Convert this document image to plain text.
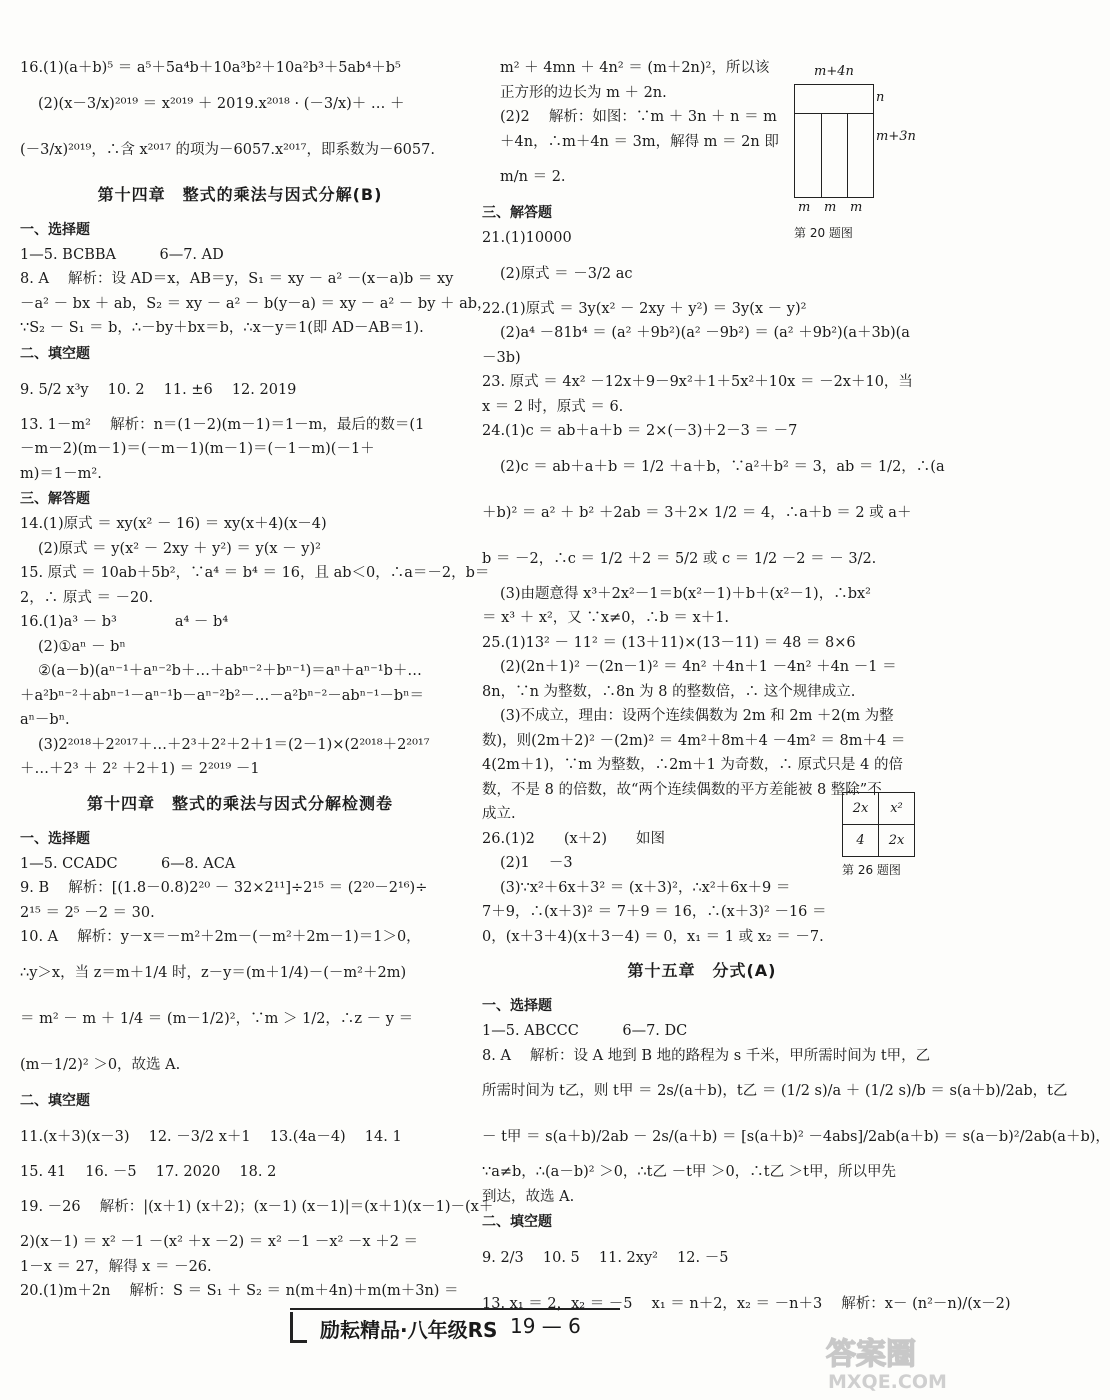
16.(1)(a＋b)⁵ ＝ a⁵＋5a⁴b＋10a³b²＋10a²b³＋5ab⁴＋b⁵
(2)(x－3/x)²⁰¹⁹ ＝ x²⁰¹⁹ ＋ 2019.x²⁰¹⁸ · (－3/x)＋ … ＋
(－3/x)²⁰¹⁹，∴含 x²⁰¹⁷ 的项为－6057.x²⁰¹⁷，即系数为－6057.
第十四章　整式的乘法与因式分解(B)
一、选择题
1—5. BCBBA　　　6—7. AD
8. A　 解析：设 AD＝x，AB＝y，S₁ ＝ xy － a² －(x－a)b ＝ xy
－a² － bx ＋ ab，S₂ ＝ xy － a² － b(y－a) ＝ xy － a² － by ＋ ab，
∵S₂ － S₁ ＝ b，∴－by＋bx＝b，∴x－y＝1(即 AD－AB＝1).
二、填空题
9. 5/2 x³y　 10. 2　 11. ±6　 12. 2019
13. 1－m²　 解析：n＝(1－2)(m－1)＝1－m，最后的数＝(1
－m－2)(m－1)＝(－m－1)(m－1)＝(－1－m)(－1＋
m)＝1－m².
三、解答题
14.(1)原式 ＝ xy(x² － 16) ＝ xy(x＋4)(x－4)
(2)原式 ＝ y(x² － 2xy ＋ y²) ＝ y(x － y)²
15. 原式 ＝ 10ab＋5b²，∵a⁴ ＝ b⁴ ＝ 16，且 ab＜0，∴a＝－2，b＝
2，∴ 原式 ＝ －20.
16.(1)a³ － b³　　　　a⁴ － b⁴
(2)①aⁿ － bⁿ
②(a－b)(aⁿ⁻¹＋aⁿ⁻²b＋…＋abⁿ⁻²＋bⁿ⁻¹)＝aⁿ＋aⁿ⁻¹b＋…
＋a²bⁿ⁻²＋abⁿ⁻¹－aⁿ⁻¹b－aⁿ⁻²b²－…－a²bⁿ⁻²－abⁿ⁻¹－bⁿ＝
aⁿ－bⁿ.
(3)2²⁰¹⁸＋2²⁰¹⁷＋…＋2³＋2²＋2＋1＝(2－1)×(2²⁰¹⁸＋2²⁰¹⁷
＋…＋2³ ＋ 2² ＋2＋1) ＝ 2²⁰¹⁹ －1
第十四章　整式的乘法与因式分解检测卷
一、选择题
1—5. CCADC　　　6—8. ACA
9. B　 解析：[(1.8－0.8)2²⁰ － 32×2¹¹]÷2¹⁵ ＝ (2²⁰－2¹⁶)÷
2¹⁵ ＝ 2⁵ －2 ＝ 30.
10. A　 解析：y－x＝－m²＋2m－(－m²＋2m－1)＝1＞0，
∴y＞x，当 z＝m＋1/4 时，z－y＝(m＋1/4)－(－m²＋2m)
＝ m² － m ＋ 1/4 ＝ (m－1/2)²，∵m ＞ 1/2，∴z － y ＝
(m－1/2)² ＞0，故选 A.
二、填空题
11.(x＋3)(x－3)　 12. －3/2 x＋1　 13.(4a－4)　 14. 1
15. 41　 16. －5　 17. 2020　 18. 2
19. －26　 解析：|(x＋1) (x＋2)；(x－1) (x－1)|＝(x＋1)(x－1)－(x＋
2)(x－1) ＝ x² －1 －(x² ＋x －2) ＝ x² －1 －x² －x ＋2 ＝
1－x ＝ 27，解得 x ＝ －26.
20.(1)m＋2n　 解析：S ＝ S₁ ＋ S₂ ＝ n(m＋4n)＋m(m＋3n) ＝
m² ＋ 4mn ＋ 4n² ＝ (m＋2n)²，所以该
正方形的边长为 m ＋ 2n.
(2)2　 解析：如图：∵m ＋ 3n ＋ n ＝ m
＋4n，∴m＋4n ＝ 3m，解得 m ＝ 2n 即
m/n ＝ 2.
三、解答题
21.(1)10000
(2)原式 ＝ －3/2 ac
22.(1)原式 ＝ 3y(x² － 2xy ＋ y²) ＝ 3y(x － y)²
(2)a⁴ －81b⁴ ＝ (a² ＋9b²)(a² －9b²) ＝ (a² ＋9b²)(a＋3b)(a
－3b)
23. 原式 ＝ 4x² －12x＋9－9x²＋1＋5x²＋10x ＝ －2x＋10，当
x ＝ 2 时，原式 ＝ 6.
24.(1)c ＝ ab＋a＋b ＝ 2×(－3)＋2－3 ＝ －7
(2)c ＝ ab＋a＋b ＝ 1/2 ＋a＋b，∵a²＋b² ＝ 3，ab ＝ 1/2，∴(a
＋b)² ＝ a² ＋ b² ＋2ab ＝ 3＋2× 1/2 ＝ 4，∴a＋b ＝ 2 或 a＋
b ＝ －2，∴c ＝ 1/2 ＋2 ＝ 5/2 或 c ＝ 1/2 －2 ＝ － 3/2.
(3)由题意得 x³＋2x²－1＝b(x²－1)＋b＋(x²－1)，∴bx²
＝ x³ ＋ x²，又 ∵x≠0，∴b ＝ x＋1.
25.(1)13² － 11² ＝ (13＋11)×(13－11) ＝ 48 ＝ 8×6
(2)(2n＋1)² －(2n－1)² ＝ 4n² ＋4n＋1 －4n² ＋4n －1 ＝
8n，∵n 为整数，∴8n 为 8 的整数倍，∴ 这个规律成立.
(3)不成立，理由：设两个连续偶数为 2m 和 2m ＋2(m 为整
数)，则(2m＋2)² －(2m)² ＝ 4m²＋8m＋4 －4m² ＝ 8m＋4 ＝
4(2m＋1)，∵m 为整数，∴2m＋1 为奇数，∴ 原式只是 4 的倍
数，不是 8 的倍数，故“两个连续偶数的平方差能被 8 整除”不
成立.
26.(1)2　　(x＋2)　　如图
(2)1　 －3
(3)∵x²＋6x＋3² ＝ (x＋3)²，∴x²＋6x＋9 ＝
7＋9，∴(x＋3)² ＝ 7＋9 ＝ 16，∴(x＋3)² －16 ＝
0，(x＋3＋4)(x＋3－4) ＝ 0，x₁ ＝ 1 或 x₂ ＝ －7.
第十五章　分式(A)
一、选择题
1—5. ABCCC　　　6—7. DC
8. A　 解析：设 A 地到 B 地的路程为 s 千米，甲所需时间为 t甲，乙
所需时间为 t乙，则 t甲 ＝ 2s/(a＋b)，t乙 ＝ (1/2 s)/a ＋ (1/2 s)/b ＝ s(a＋b)/2ab，t乙
－ t甲 ＝ s(a＋b)/2ab － 2s/(a＋b) ＝ [s(a＋b)² －4abs]/2ab(a＋b) ＝ s(a－b)²/2ab(a＋b)，
∵a≠b，∴(a－b)² ＞0，∴t乙 －t甲 ＞0，∴t乙 ＞t甲，所以甲先
到达，故选 A.
二、填空题
9. 2/3　 10. 5　 11. 2xy²　 12. －5
13. x₁ ＝ 2，x₂ ＝ －5　 x₁ ＝ n＋2，x₂ ＝ －n＋3　 解析：x－ (n²－n)/(x－2)
m+4n
n
m+3n
m m m
第 20 题图
2x	x²
4	2x
第 26 题图
励耘精品·八年级RS 19 — 6
答案圈
MXQE.COM
